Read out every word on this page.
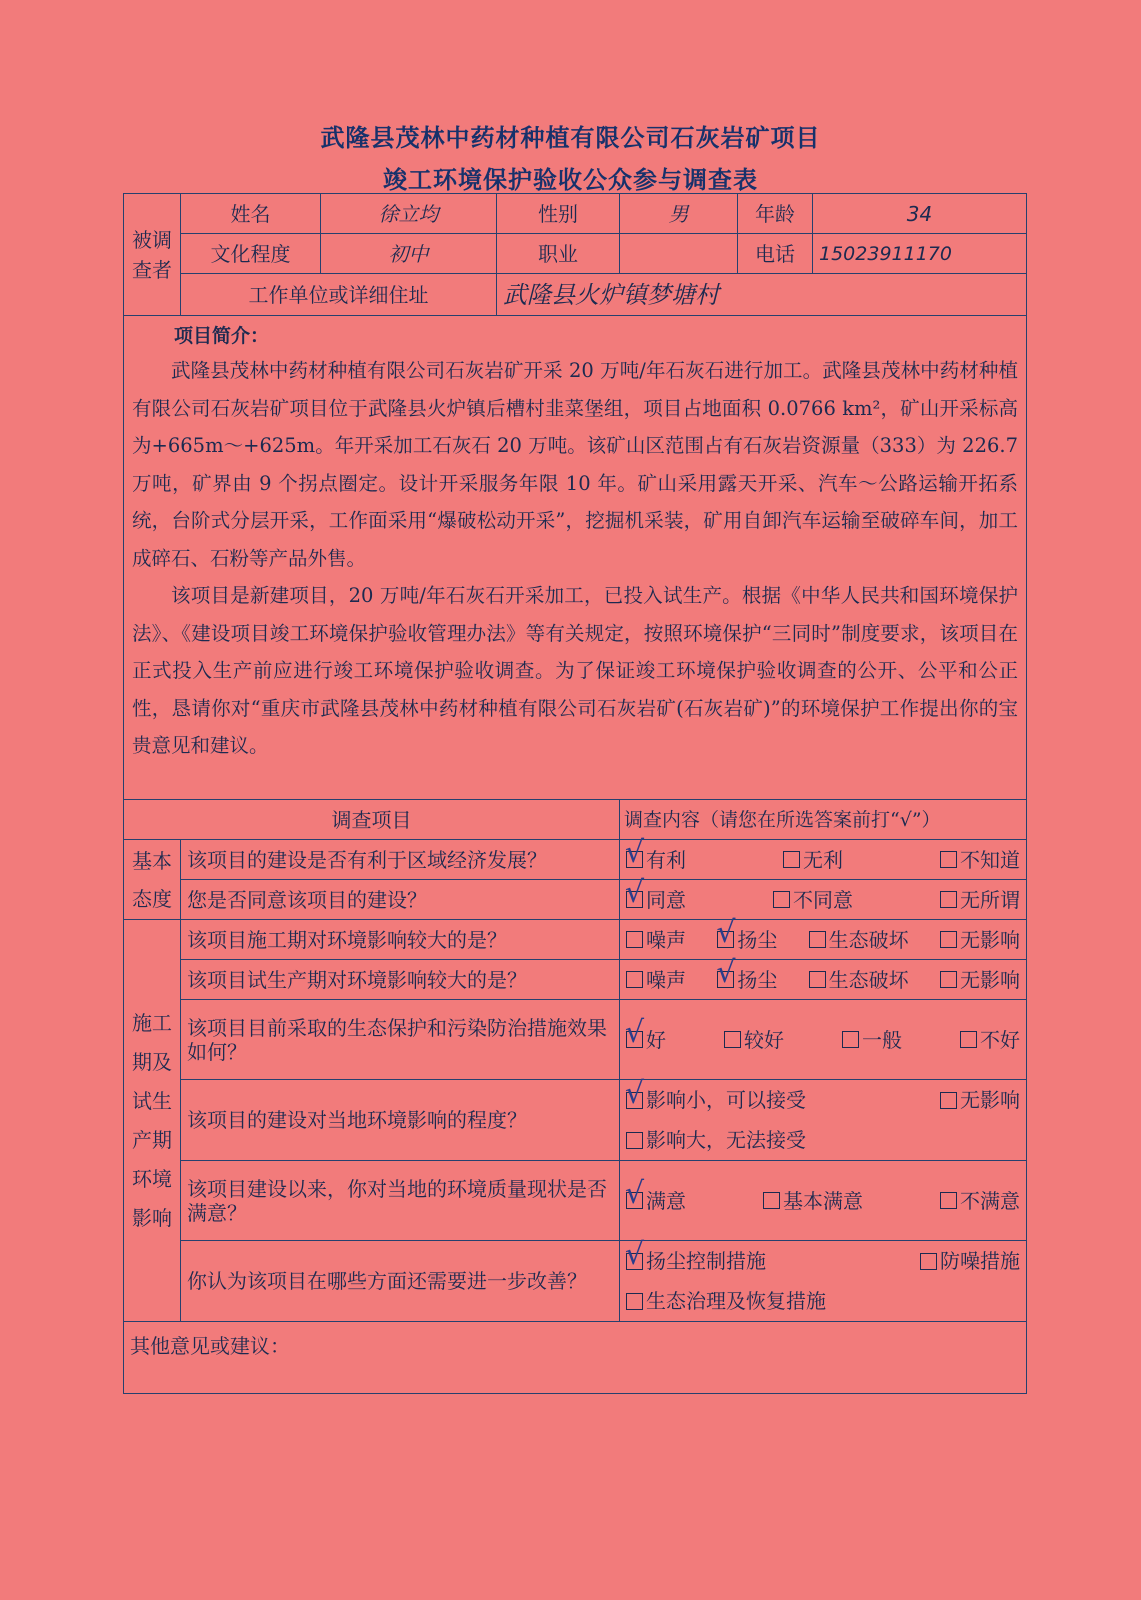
武隆县茂林中药材种植有限公司石灰岩矿项目
竣工环境保护验收公众参与调查表
被调查者	姓名	徐立均	性别	男	年龄	34
	文化程度	初中	职业		电话	15023911170
	工作单位或详细住址		武隆县火炉镇梦塘村			

项目简介：

武隆县茂林中药材种植有限公司石灰岩矿开采 20 万吨/年石灰石进行加工。武隆县茂林中药材种植有限公司石灰岩矿项目位于武隆县火炉镇后槽村韭菜堡组，项目占地面积 0.0766 km²，矿山开采标高为+665m～+625m。年开采加工石灰石 20 万吨。该矿山区范围占有石灰岩资源量（333）为 226.7 万吨，矿界由 9 个拐点圈定。设计开采服务年限 10 年。矿山采用露天开采、汽车～公路运输开拓系统，台阶式分层开采，工作面采用“爆破松动开采”，挖掘机采装，矿用自卸汽车运输至破碎车间，加工成碎石、石粉等产品外售。

该项目是新建项目，20 万吨/年石灰石开采加工，已投入试生产。根据《中华人民共和国环境保护法》、《建设项目竣工环境保护验收管理办法》等有关规定，按照环境保护“三同时”制度要求，该项目在正式投入生产前应进行竣工环境保护验收调查。为了保证竣工环境保护验收调查的公开、公平和公正性，恳请你对“重庆市武隆县茂林中药材种植有限公司石灰岩矿(石灰岩矿)”的环境保护工作提出你的宝贵意见和建议。						

调查项目				调查内容（请您在所选答案前打“√”）		
基本态度	该项目的建设是否有利于区域经济发展？			√ 有利 无利 不知道		

	您是否同意该项目的建设？			√ 同意 不同意 无所谓		

施工期及试生产期环境影响	该项目施工期对环境影响较大的是？			噪声 √ 扬尘 生态破坏 无影响		

	该项目试生产期对环境影响较大的是？			噪声 √ 扬尘 生态破坏 无影响		

	该项目目前采取的生态保护和污染防治措施效果如何？			√ 好 较好 一般 不好		

	该项目的建设对当地环境影响的程度？			√ 影响小，可以接受 无影响
影响大，无法接受		

	该项目建设以来，你对当地的环境质量现状是否满意？			√ 满意 基本满意 不满意		

	你认为该项目在哪些方面还需要进一步改善？			√ 扬尘控制措施 防噪措施
生态治理及恢复措施		

其他意见或建议：						
